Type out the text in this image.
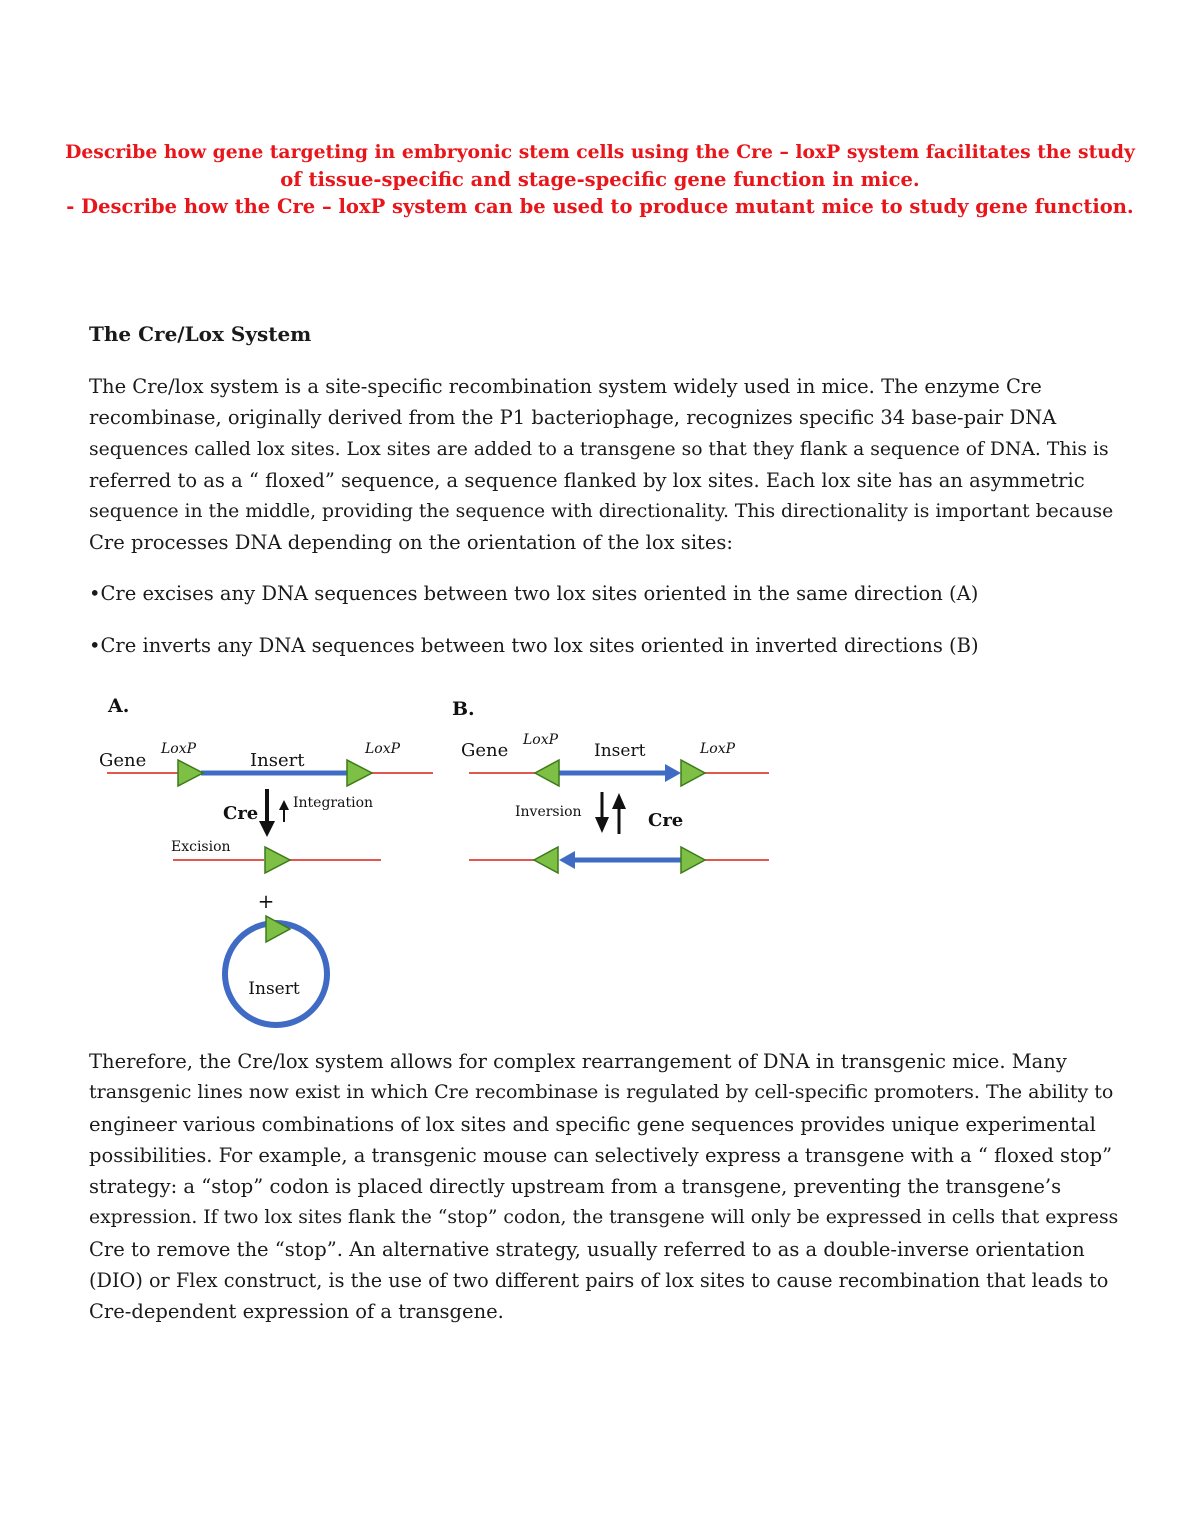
Describe how gene targeting in embryonic stem cells using the Cre – loxP system facilitates the study
of tissue-specific and stage-specific gene function in mice.
- Describe how the Cre – loxP system can be used to produce mutant mice to study gene function.
The Cre/Lox System

The Cre/lox system is a site-specific recombination system widely used in mice. The enzyme Cre
recombinase, originally derived from the P1 bacteriophage, recognizes specific 34 base-pair DNA
sequences called lox sites. Lox sites are added to a transgene so that they flank a sequence of DNA. This is
referred to as a “ floxed” sequence, a sequence flanked by lox sites. Each lox site has an asymmetric
sequence in the middle, providing the sequence with directionality. This directionality is important because
Cre processes DNA depending on the orientation of the lox sites:

•Cre excises any DNA sequences between two lox sites oriented in the same direction (A)

•Cre inverts any DNA sequences between two lox sites oriented in inverted directions (B)

A.
Gene
LoxP
Insert
LoxP
Cre Integration
Excision
+
Insert
B.
Gene LoxP
Insert	LoxP
Inversion	Cre

Therefore, the Cre/lox system allows for complex rearrangement of DNA in transgenic mice. Many
transgenic lines now exist in which Cre recombinase is regulated by cell-specific promoters. The ability to
engineer various combinations of lox sites and specific gene sequences provides unique experimental
possibilities. For example, a transgenic mouse can selectively express a transgene with a “ floxed stop”
strategy: a “stop” codon is placed directly upstream from a transgene, preventing the transgene’s
expression. If two lox sites flank the “stop” codon, the transgene will only be expressed in cells that express
Cre to remove the “stop”. An alternative strategy, usually referred to as a double-inverse orientation
(DIO) or Flex construct, is the use of two different pairs of lox sites to cause recombination that leads to
Cre-dependent expression of a transgene.
